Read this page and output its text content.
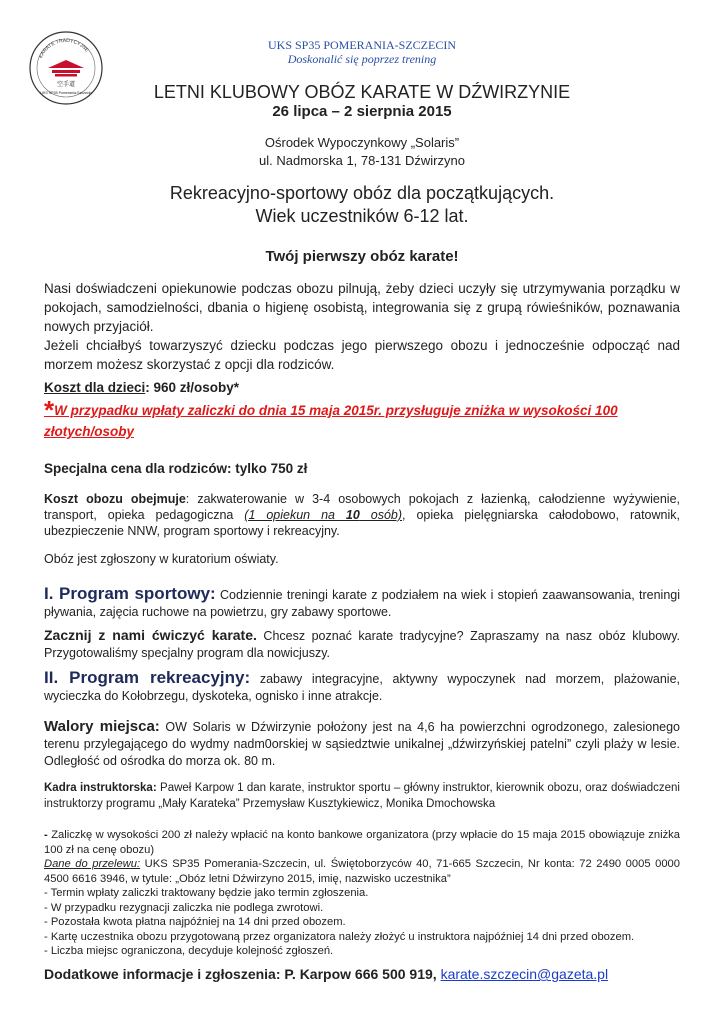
KARATE TRADYCYJNE
空手道
UKS SP35 Pomerania-Szczecin
UKS SP35 POMERANIA-SZCZECIN
Doskonalić się poprzez trening
LETNI KLUBOWY OBÓZ KARATE W DŹWIRZYNIE
26 lipca – 2 sierpnia 2015
Ośrodek Wypoczynkowy „Solaris”
ul. Nadmorska 1, 78-131 Dźwirzyno
Rekreacyjno-sportowy obóz dla początkujących.
Wiek uczestników 6-12 lat.
Twój pierwszy obóz karate!
Nasi doświadczeni opiekunowie podczas obozu pilnują, żeby dzieci uczyły się utrzymywania porządku w pokojach, samodzielności, dbania o higienę osobistą, integrowania się z grupą rówieśników, poznawania nowych przyjaciół.
Jeżeli chciałbyś towarzyszyć dziecku podczas jego pierwszego obozu i jednocześnie odpocząć nad morzem możesz skorzystać z opcji dla rodziców.
Koszt dla dzieci: 960 zł/osoby*
*W przypadku wpłaty zaliczki do dnia 15 maja 2015r. przysługuje zniżka w wysokości 100 złotych/osoby
Specjalna cena dla rodziców: tylko 750 zł
Koszt obozu obejmuje: zakwaterowanie w 3-4 osobowych pokojach z łazienką, całodzienne wyżywienie, transport, opieka pedagogiczna (1 opiekun na 10 osób), opieka pielęgniarska całodobowo, ratownik, ubezpieczenie NNW, program sportowy i rekreacyjny.
Obóz jest zgłoszony w kuratorium oświaty.
I. Program sportowy: Codziennie treningi karate z podziałem na wiek i stopień zaawansowania, treningi pływania, zajęcia ruchowe na powietrzu, gry zabawy sportowe.
Zacznij z nami ćwiczyć karate. Chcesz poznać karate tradycyjne? Zapraszamy na nasz obóz klubowy. Przygotowaliśmy specjalny program dla nowicjuszy.
II. Program rekreacyjny: zabawy integracyjne, aktywny wypoczynek nad morzem, plażowanie, wycieczka do Kołobrzegu, dyskoteka, ognisko i inne atrakcje.
Walory miejsca: OW Solaris w Dźwirzynie położony jest na 4,6 ha powierzchni ogrodzonego, zalesionego terenu przylegającego do wydmy nadm0orskiej w sąsiedztwie unikalnej „dźwirzyńskiej patelni” czyli plaży w lesie. Odległość od ośrodka do morza ok. 80 m.
Kadra instruktorska: Paweł Karpow 1 dan karate, instruktor sportu – główny instruktor, kierownik obozu, oraz doświadczeni instruktorzy programu „Mały Karateka” Przemysław Kusztykiewicz, Monika Dmochowska

- Zaliczkę w wysokości 200 zł należy wpłacić na konto bankowe organizatora (przy wpłacie do 15 maja 2015 obowiązuje zniżka 100 zł na cenę obozu)

Dane do przelewu: UKS SP35 Pomerania-Szczecin, ul. Świętoborzyców 40, 71-665 Szczecin, Nr konta: 72 2490 0005 0000 4500 6616 3946, w tytule: „Obóz letni Dźwirzyno 2015, imię, nazwisko uczestnika”

- Termin wpłaty zaliczki traktowany będzie jako termin zgłoszenia.

- W przypadku rezygnacji zaliczka nie podlega zwrotowi.

- Pozostała kwota płatna najpóźniej na 14 dni przed obozem.

- Kartę uczestnika obozu przygotowaną przez organizatora należy złożyć u instruktora najpóźniej 14 dni przed obozem.

- Liczba miejsc ograniczona, decyduje kolejność zgłoszeń.

Dodatkowe informacje i zgłoszenia: P. Karpow 666 500 919, karate.szczecin@gazeta.pl
